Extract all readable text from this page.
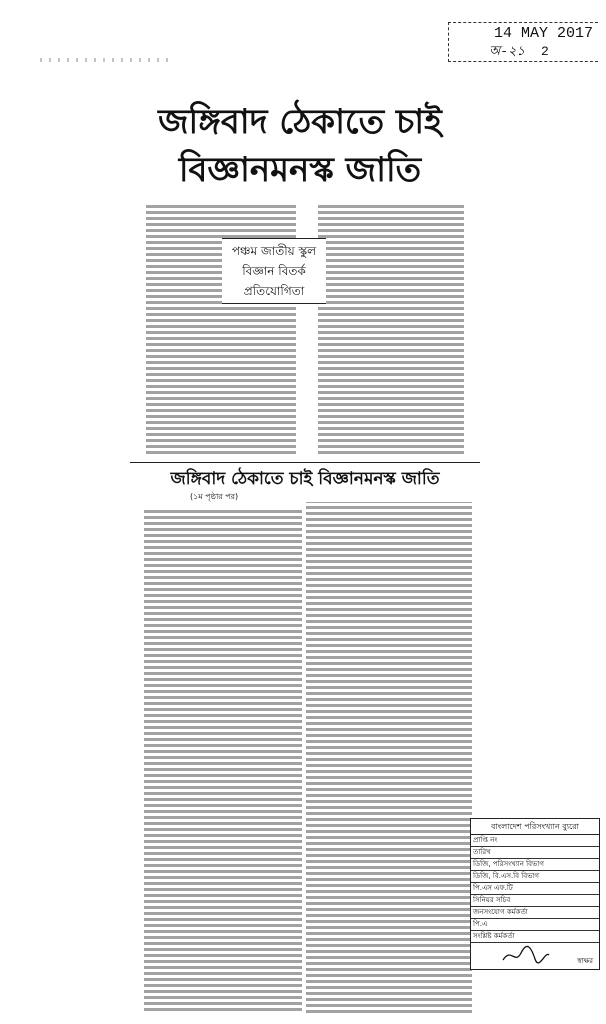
14 MAY 2017
অ-২১ 2
জঙ্গিবাদ ঠেকাতে চাই
বিজ্ঞানমনস্ক জাতি
পঞ্চম জাতীয় স্কুল
বিজ্ঞান বিতর্ক
প্রতিযোগিতা
জঙ্গিবাদ ঠেকাতে চাই বিজ্ঞানমনস্ক জাতি
(১ম পৃষ্ঠার পর)
বাংলাদেশ পরিসংখ্যান ব্যুরো
প্রাপ্তি নং
তারিখ
ডিজি, পরিসংখ্যান বিভাগ
ডিজি, বি.এস.বি বিভাগ
পি.এস এফ.টি
সিনিয়র সচিব
জনসংযোগ কর্মকর্তা
পি.এ
সংশ্লিষ্ট কর্মকর্তা
স্বাক্ষর
